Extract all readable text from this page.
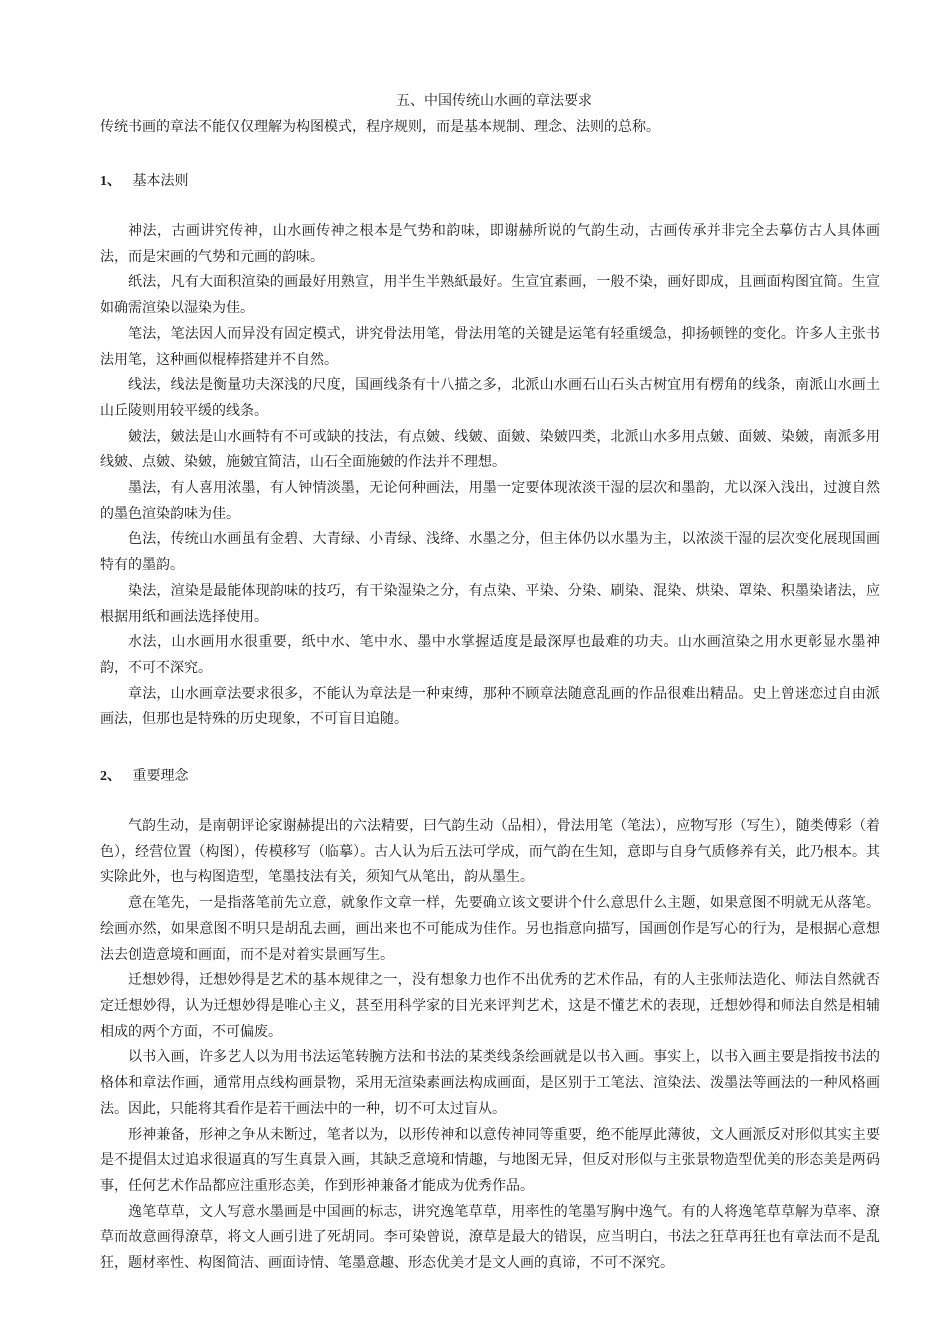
五、中国传统山水画的章法要求

传统书画的章法不能仅仅理解为构图模式，程序规则，而是基本规制、理念、法则的总称。

1、 基本法则

神法，古画讲究传神，山水画传神之根本是气势和韵味，即谢赫所说的气韵生动，古画传承并非完全去摹仿古人具体画法，而是宋画的气势和元画的韵味。

纸法，凡有大面积渲染的画最好用熟宣，用半生半熟紙最好。生宣宜素画，一般不染，画好即成，且画面构图宜简。生宣如确需渲染以湿染为佳。

笔法，笔法因人而异没有固定模式，讲究骨法用笔，骨法用笔的关键是运笔有轻重缓急，抑扬顿锉的变化。许多人主张书法用笔，这种画似棍棒搭建并不自然。

线法，线法是衡量功夫深浅的尺度，国画线条有十八描之多，北派山水画石山石头古树宜用有楞角的线条，南派山水画土山丘陵则用较平缓的线条。

皴法，皴法是山水画特有不可或缺的技法，有点皴、线皴、面皴、染皴四类，北派山水多用点皴、面皴、染皴，南派多用线皴、点皴、染皴，施皴宜简洁，山石全面施皴的作法并不理想。

墨法，有人喜用浓墨，有人钟情淡墨，无论何种画法，用墨一定要体现浓淡干湿的层次和墨韵，尤以深入浅出，过渡自然的墨色渲染韵味为佳。

色法，传统山水画虽有金碧、大青绿、小青绿、浅绛、水墨之分，但主体仍以水墨为主，以浓淡干湿的层次变化展现国画特有的墨韵。

染法，渲染是最能体现韵味的技巧，有干染湿染之分，有点染、平染、分染、刷染、混染、烘染、罩染、积墨染诸法，应根据用纸和画法选择使用。

水法，山水画用水很重要，纸中水、笔中水、墨中水掌握适度是最深厚也最难的功夫。山水画渲染之用水更彰显水墨神韵，不可不深究。

章法，山水画章法要求很多，不能认为章法是一种束缚，那种不顾章法随意乱画的作品很难出精品。史上曾迷恋过自由派画法，但那也是特殊的历史现象，不可盲目追随。

2、 重要理念

气韵生动，是南朝评论家谢赫提出的六法精要，曰气韵生动（品相），骨法用笔（笔法），应物写形（写生），随类傅彩（着色），经营位置（构图），传模移写（临摹）。古人认为后五法可学成，而气韵在生知，意即与自身气质修养有关，此乃根本。其实除此外，也与构图造型，笔墨技法有关，须知气从笔出，韵从墨生。

意在笔先，一是指落笔前先立意，就象作文章一样，先要确立该文要讲个什么意思什么主题，如果意图不明就无从落笔。绘画亦然，如果意图不明只是胡乱去画，画出来也不可能成为佳作。另也指意向描写，国画创作是写心的行为，是根据心意想法去创造意境和画面，而不是对着实景画写生。

迁想妙得，迁想妙得是艺术的基本规律之一，没有想象力也作不出优秀的艺术作品，有的人主张师法造化、师法自然就否定迁想妙得，认为迁想妙得是唯心主义，甚至用科学家的目光来评判艺术，这是不懂艺术的表现，迁想妙得和师法自然是相辅相成的两个方面，不可偏废。

以书入画，许多艺人以为用书法运笔转腕方法和书法的某类线条绘画就是以书入画。事实上，以书入画主要是指按书法的格体和章法作画，通常用点线构画景物，采用无渲染素画法构成画面，是区别于工笔法、渲染法、泼墨法等画法的一种风格画法。因此，只能将其看作是若干画法中的一种，切不可太过盲从。

形神兼备，形神之争从未断过，笔者以为，以形传神和以意传神同等重要，绝不能厚此薄彼，文人画派反对形似其实主要是不提倡太过追求很逼真的写生真景入画，其缺乏意境和情趣，与地图无异，但反对形似与主张景物造型优美的形态美是两码事，任何艺术作品都应注重形态美，作到形神兼备才能成为优秀作品。

逸笔草草，文人写意水墨画是中国画的标志，讲究逸笔草草，用率性的笔墨写胸中逸气。有的人将逸笔草草解为草率、潦草而故意画得潦草，将文人画引进了死胡同。李可染曾说，潦草是最大的错误，应当明白，书法之狂草再狂也有章法而不是乱狂，题材率性、构图简洁、画面诗情、笔墨意趣、形态优美才是文人画的真谛，不可不深究。
